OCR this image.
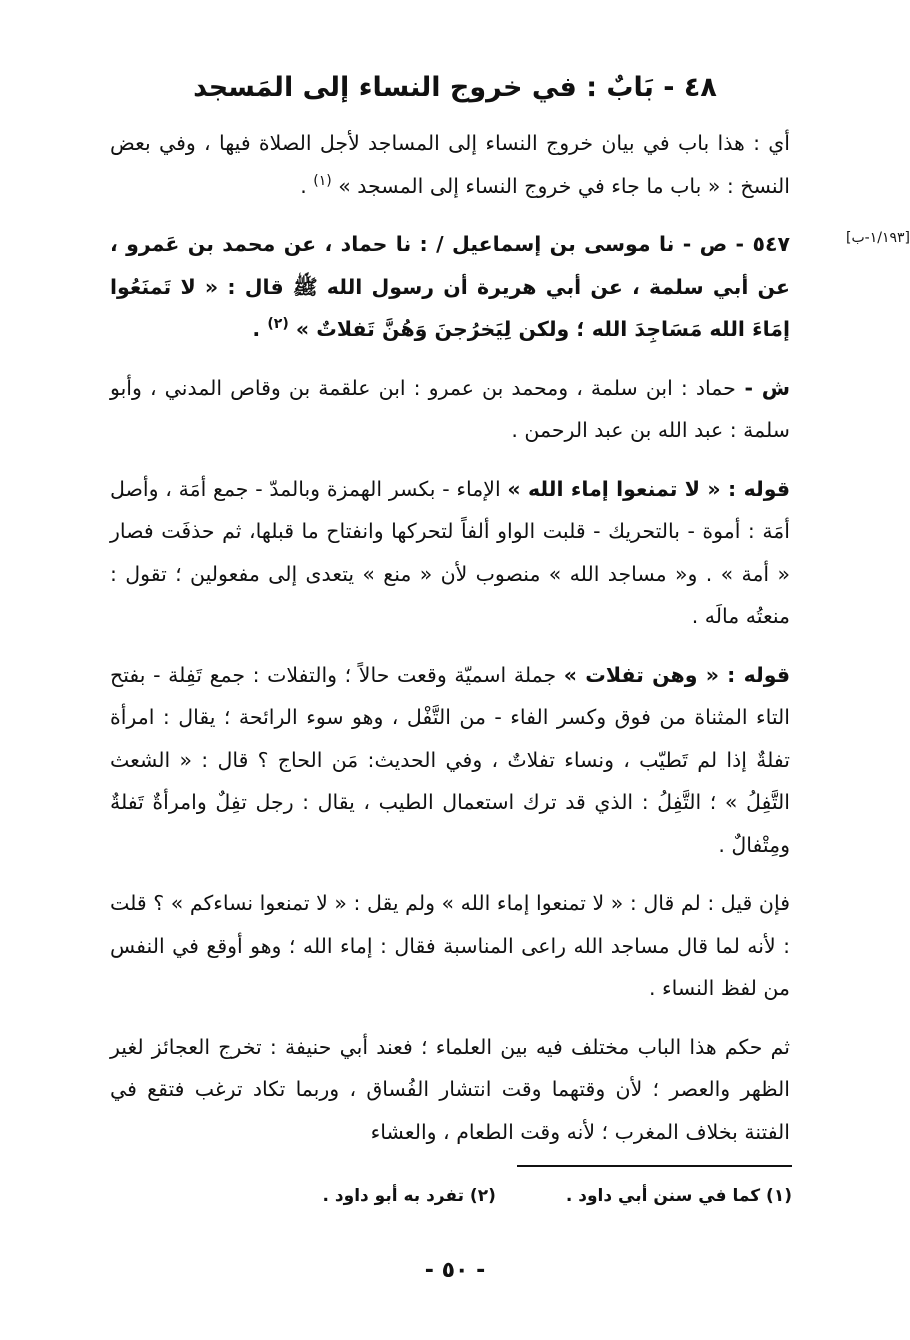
٤٨ - بَابٌ : في خروج النساء إلى المَسجد
[١/١٩٣-ب]

أي : هذا باب في بيان خروج النساء إلى المساجد لأجل الصلاة فيها ، وفي بعض النسخ : « باب ما جاء في خروج النساء إلى المسجد » $^{(١)}$ .

٥٤٧ - ص - نا موسى بن إسماعيل / : نا حماد ، عن محمد بن عَمرو ، عن أبي سلمة ، عن أبي هريرة أن رسول الله ﷺ قال : « لا تَمنَعُوا إمَاءَ الله مَسَاجِدَ الله ؛ ولكن لِيَخرُجنَ وَهُنَّ تَفلاتٌ » $^{(٢)}$ .

ش - حماد : ابن سلمة ، ومحمد بن عمرو : ابن علقمة بن وقاص المدني ، وأبو سلمة : عبد الله بن عبد الرحمن .

قوله : « لا تمنعوا إماء الله » الإماء - بكسر الهمزة وبالمدّ - جمع أمَة ، وأصل أمَة : أموة - بالتحريك - قلبت الواو ألفاً لتحركها وانفتاح ما قبلها، ثم حذفَت فصار « أمة » . و« مساجد الله » منصوب لأن « منع » يتعدى إلى مفعولين ؛ تقول : منعتُه مالَه .

قوله : « وهن تفلات » جملة اسميّة وقعت حالاً ؛ والتفلات : جمع تَفِلة - بفتح التاء المثناة من فوق وكسر الفاء - من التَّفْل ، وهو سوء الرائحة ؛ يقال : امرأة تفلةٌ إذا لم تَطيّب ، ونساء تفلاتٌ ، وفي الحديث: مَن الحاج ؟ قال : « الشعث التَّفِلُ » ؛ التَّفِلُ : الذي قد ترك استعمال الطيب ، يقال : رجل تفِلٌ وامرأةٌ تَفلةٌ ومِتْفالٌ .

فإن قيل : لم قال : « لا تمنعوا إماء الله » ولم يقل : « لا تمنعوا نساءكم » ؟ قلت : لأنه لما قال مساجد الله راعى المناسبة فقال : إماء الله ؛ وهو أوقع في النفس من لفظ النساء .

ثم حكم هذا الباب مختلف فيه بين العلماء ؛ فعند أبي حنيفة : تخرج العجائز لغير الظهر والعصر ؛ لأن وقتهما وقت انتشار الفُساق ، وربما تكاد ترغب فتقع في الفتنة بخلاف المغرب ؛ لأنه وقت الطعام ، والعشاء

(١) كما في سنن أبي داود .
(٢) تفرد به أبو داود .
- ٥٠ -
